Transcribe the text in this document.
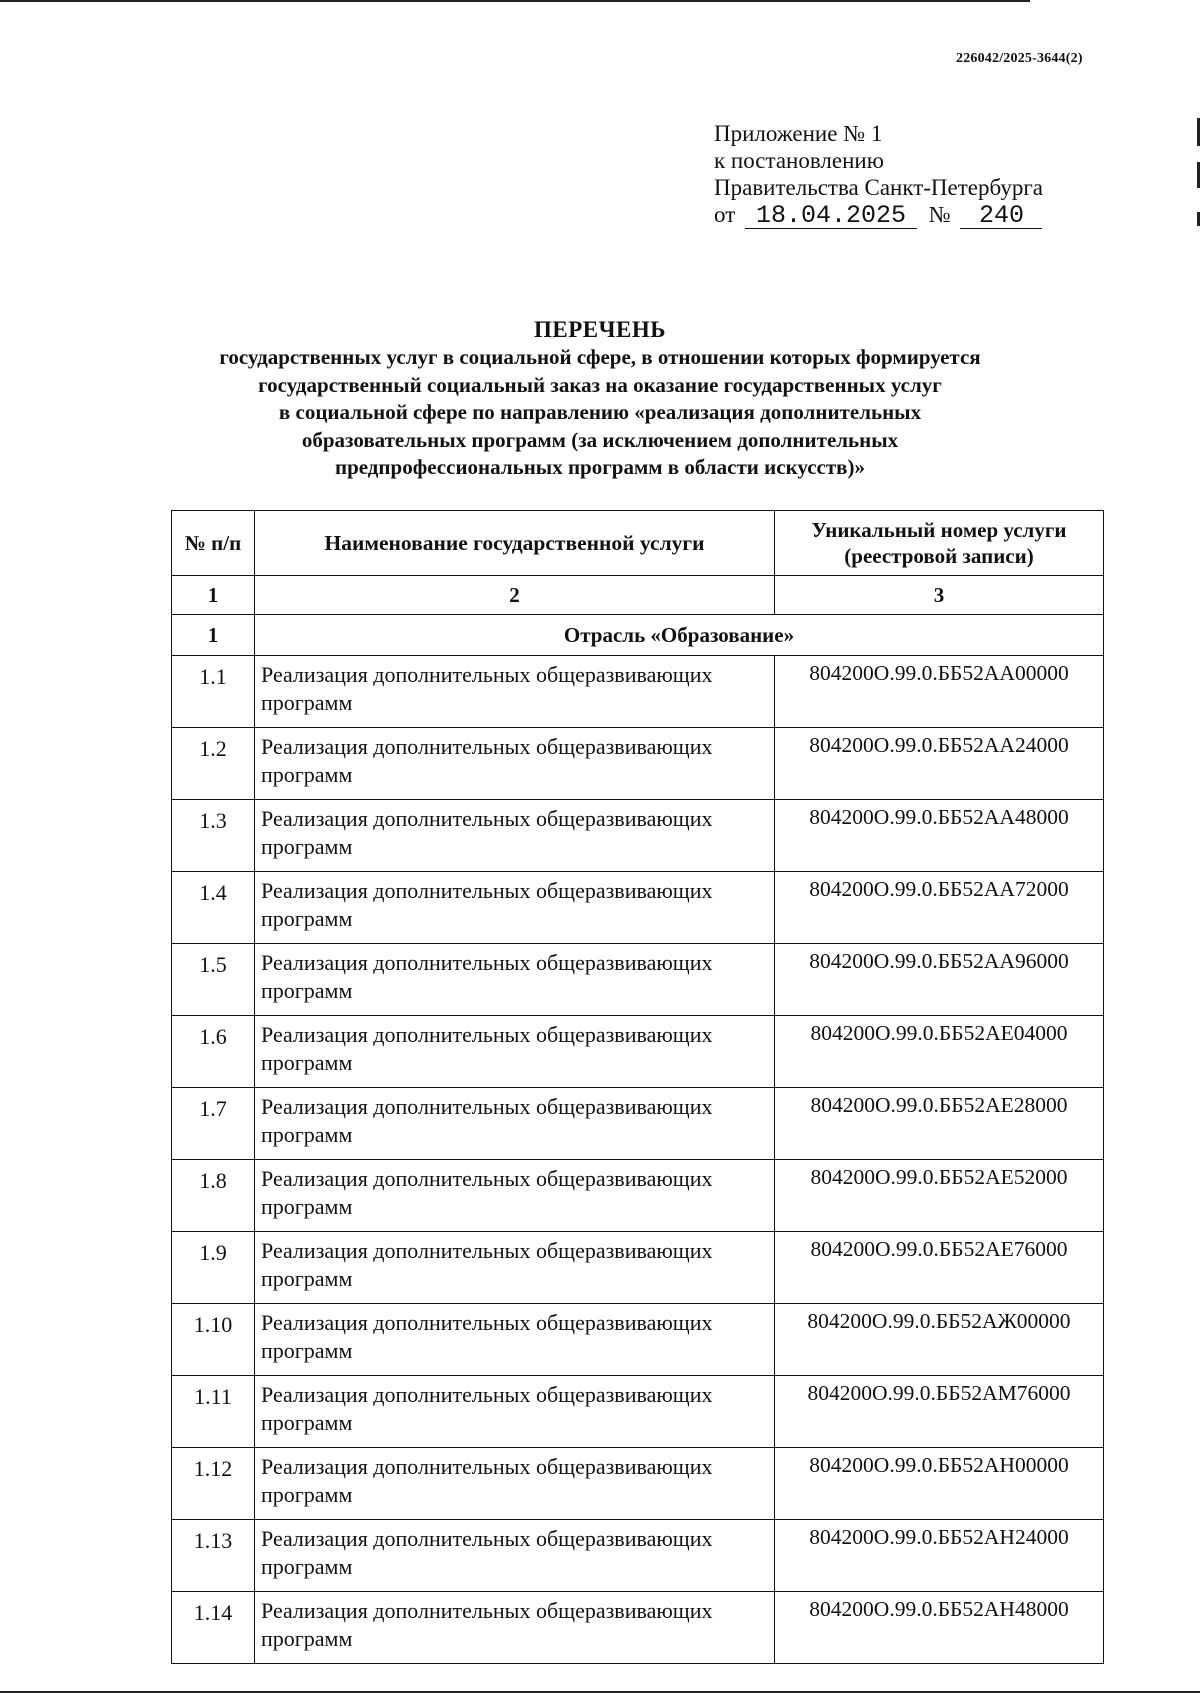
226042/2025-3644(2)
Приложение № 1
к постановлению
Правительства Санкт-Петербурга
от 18.04.2025 № 240
ПЕРЕЧЕНЬ
государственных услуг в социальной сфере, в отношении которых формируется
государственный социальный заказ на оказание государственных услуг
в социальной сфере по направлению «реализация дополнительных
образовательных программ (за исключением дополнительных
предпрофессиональных программ в области искусств)»
№ п/п	Наименование государственной услуги	Уникальный номер услуги (реестровой записи)
1	2	3
1	Отрасль «Образование»	
1.1	Реализация дополнительных общеразвивающих программ	804200О.99.0.ББ52АА00000
1.2	Реализация дополнительных общеразвивающих программ	804200О.99.0.ББ52АА24000
1.3	Реализация дополнительных общеразвивающих программ	804200О.99.0.ББ52АА48000
1.4	Реализация дополнительных общеразвивающих программ	804200О.99.0.ББ52АА72000
1.5	Реализация дополнительных общеразвивающих программ	804200О.99.0.ББ52АА96000
1.6	Реализация дополнительных общеразвивающих программ	804200О.99.0.ББ52АЕ04000
1.7	Реализация дополнительных общеразвивающих программ	804200О.99.0.ББ52АЕ28000
1.8	Реализация дополнительных общеразвивающих программ	804200О.99.0.ББ52АЕ52000
1.9	Реализация дополнительных общеразвивающих программ	804200О.99.0.ББ52АЕ76000
1.10	Реализация дополнительных общеразвивающих программ	804200О.99.0.ББ52АЖ00000
1.11	Реализация дополнительных общеразвивающих программ	804200О.99.0.ББ52АМ76000
1.12	Реализация дополнительных общеразвивающих программ	804200О.99.0.ББ52АН00000
1.13	Реализация дополнительных общеразвивающих программ	804200О.99.0.ББ52АН24000
1.14	Реализация дополнительных общеразвивающих программ	804200О.99.0.ББ52АН48000
